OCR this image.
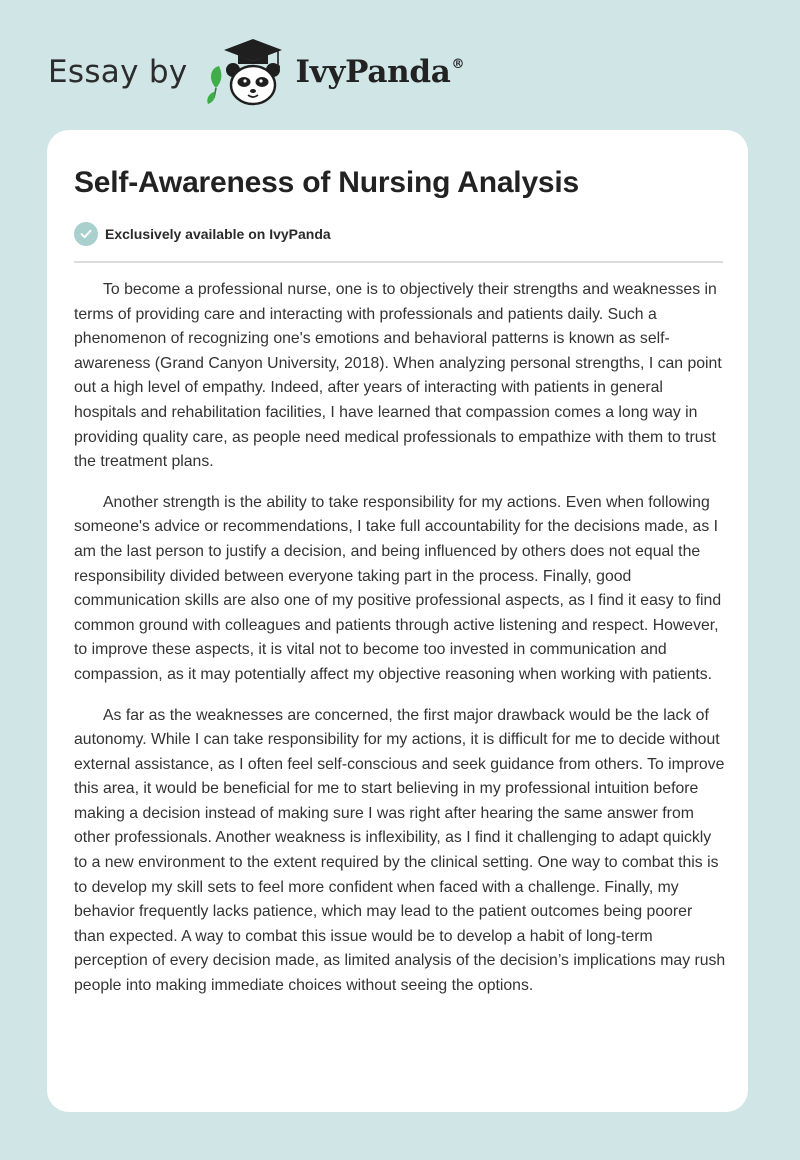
Essay by	IvyPanda®
Self-Awareness of Nursing Analysis
Exclusively available on IvyPanda

To become a professional nurse, one is to objectively their strengths and weaknesses in terms of providing care and interacting with professionals and patients daily. Such a phenomenon of recognizing one's emotions and behavioral patterns is known as self-awareness (Grand Canyon University, 2018). When analyzing personal strengths, I can point out a high level of empathy. Indeed, after years of interacting with patients in general hospitals and rehabilitation facilities, I have learned that compassion comes a long way in providing quality care, as people need medical professionals to empathize with them to trust the treatment plans.

Another strength is the ability to take responsibility for my actions. Even when following someone's advice or recommendations, I take full accountability for the decisions made, as I am the last person to justify a decision, and being influenced by others does not equal the responsibility divided between everyone taking part in the process. Finally, good communication skills are also one of my positive professional aspects, as I find it easy to find common ground with colleagues and patients through active listening and respect. However, to improve these aspects, it is vital not to become too invested in communication and compassion, as it may potentially affect my objective reasoning when working with patients.

As far as the weaknesses are concerned, the first major drawback would be the lack of autonomy. While I can take responsibility for my actions, it is difficult for me to decide without external assistance, as I often feel self-conscious and seek guidance from others. To improve this area, it would be beneficial for me to start believing in my professional intuition before making a decision instead of making sure I was right after hearing the same answer from other professionals. Another weakness is inflexibility, as I find it challenging to adapt quickly to a new environment to the extent required by the clinical setting. One way to combat this is to develop my skill sets to feel more confident when faced with a challenge. Finally, my behavior frequently lacks patience, which may lead to the patient outcomes being poorer than expected. A way to combat this issue would be to develop a habit of long-term perception of every decision made, as limited analysis of the decision’s implications may rush people into making immediate choices without seeing the options.
